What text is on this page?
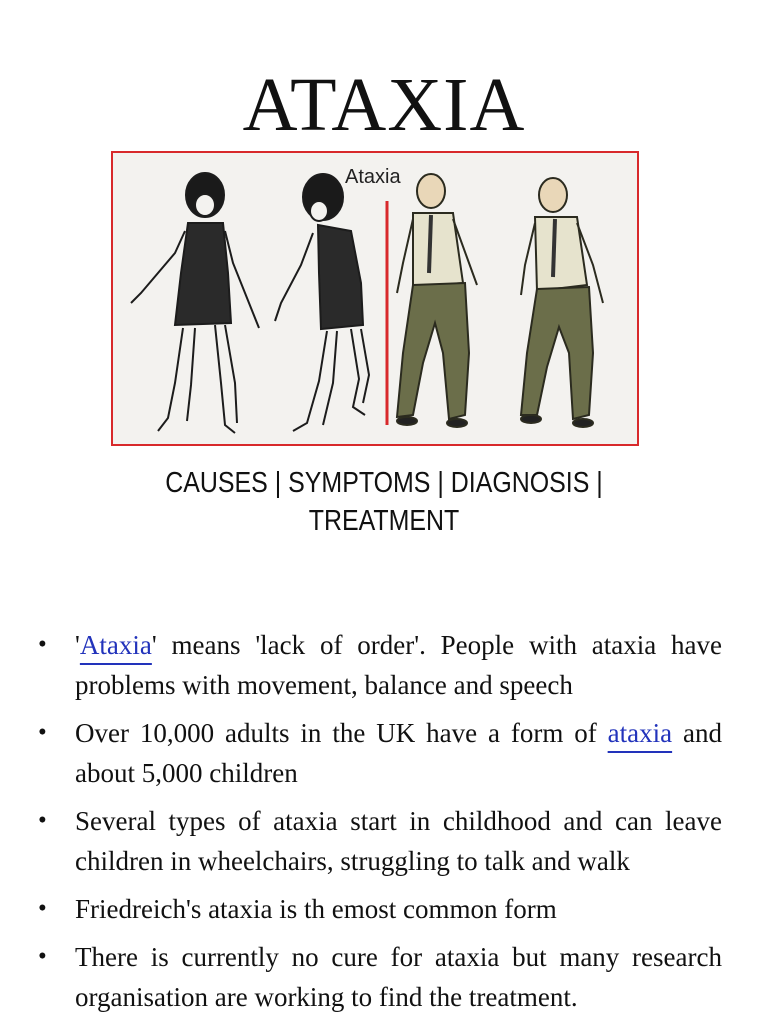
ATAXIA
Ataxia
CAUSES | SYMPTOMS | DIAGNOSIS |
TREATMENT
•	'Ataxia' means 'lack of order'. People with ataxia have problems with movement, balance and speech
•	Over 10,000 adults in the UK have a form of ataxia and about 5,000 children
•	Several types of ataxia start in childhood and can leave children in wheelchairs, struggling to talk and walk
•	Friedreich's ataxia is th emost common form
•	There is currently no cure for ataxia but many research organisation are working to find the treatment.
